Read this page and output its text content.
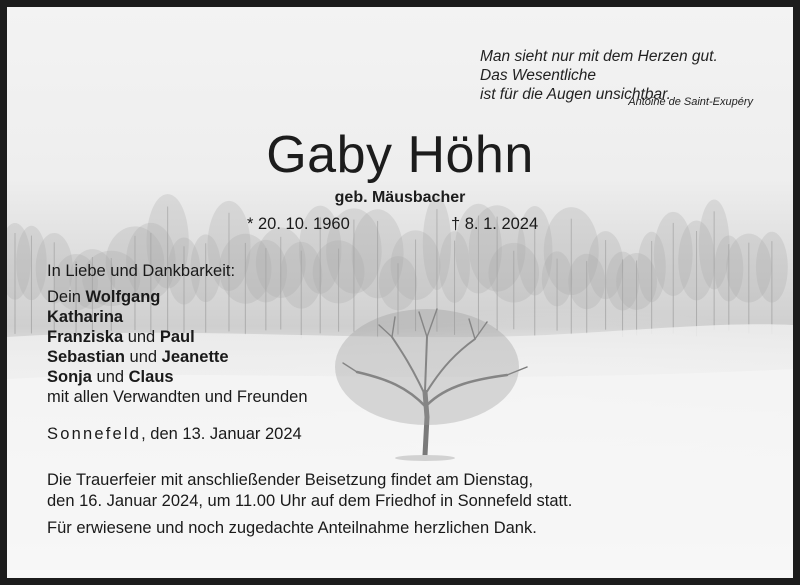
Man sieht nur mit dem Herzen gut.
Das Wesentliche
ist für die Augen unsichtbar.
Antoine de Saint-Exupéry
Gaby Höhn
geb. Mäusbacher
* 20. 10. 1960	† 8. 1. 2024
In Liebe und Dankbarkeit:
Dein Wolfgang
Katharina
Franziska und Paul
Sebastian und Jeanette
Sonja und Claus
mit allen Verwandten und Freunden
Sonnefeld, den 13. Januar 2024
Die Trauerfeier mit anschließender Beisetzung findet am Dienstag,
den 16. Januar 2024, um 11.00 Uhr auf dem Friedhof in Sonnefeld statt.
Für erwiesene und noch zugedachte Anteilnahme herzlichen Dank.
